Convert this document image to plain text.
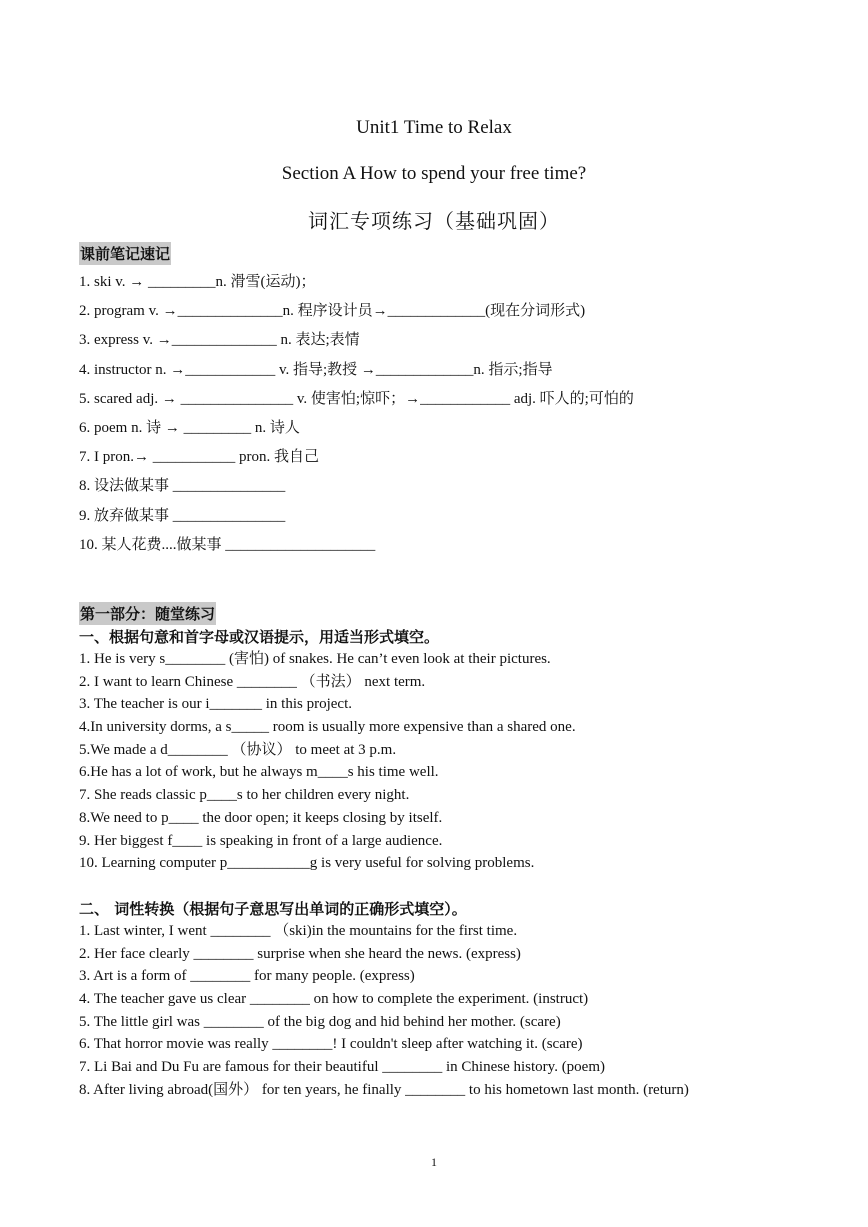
Unit1 Time to Relax
Section A How to spend your free time?
词汇专项练习（基础巩固）
课前笔记速记
1. ski v. → _________n. 滑雪(运动)；
2. program v. →______________n. 程序设计员→_____________(现在分词形式)
3. express v. →______________ n. 表达;表情
4. instructor n. →____________ v. 指导;教授 →_____________n. 指示;指导
5. scared adj. → _______________ v. 使害怕;惊吓；→____________ adj. 吓人的;可怕的
6. poem n. 诗 → _________ n. 诗人
7. I pron.→ ___________ pron. 我自己
8. 设法做某事 _______________
9. 放弃做某事 _______________
10. 某人花费....做某事 ____________________
第一部分：随堂练习
一、根据句意和首字母或汉语提示，用适当形式填空。
1. He is very s________ (害怕) of snakes. He can’t even look at their pictures.
2. I want to learn Chinese ________ （书法） next term.
3. The teacher is our i_______ in this project.
4.In university dorms, a s_____ room is usually more expensive than a shared one.
5.We made a d________ （协议） to meet at 3 p.m.
6.He has a lot of work, but he always m____s his time well.
7. She reads classic p____s to her children every night.
8.We need to p____ the door open; it keeps closing by itself.
9. Her biggest f____ is speaking in front of a large audience.
10. Learning computer p___________g is very useful for solving problems.
二、 词性转换（根据句子意思写出单词的正确形式填空）。
1. Last winter, I went ________ （ski)in the mountains for the first time.
2. Her face clearly ________ surprise when she heard the news. (express)
3. Art is a form of ________ for many people. (express)
4. The teacher gave us clear ________ on how to complete the experiment. (instruct)
5. The little girl was ________ of the big dog and hid behind her mother. (scare)
6. That horror movie was really ________! I couldn't sleep after watching it. (scare)
7. Li Bai and Du Fu are famous for their beautiful ________ in Chinese history. (poem)
8. After living abroad(国外） for ten years, he finally ________ to his hometown last month. (return)
1
